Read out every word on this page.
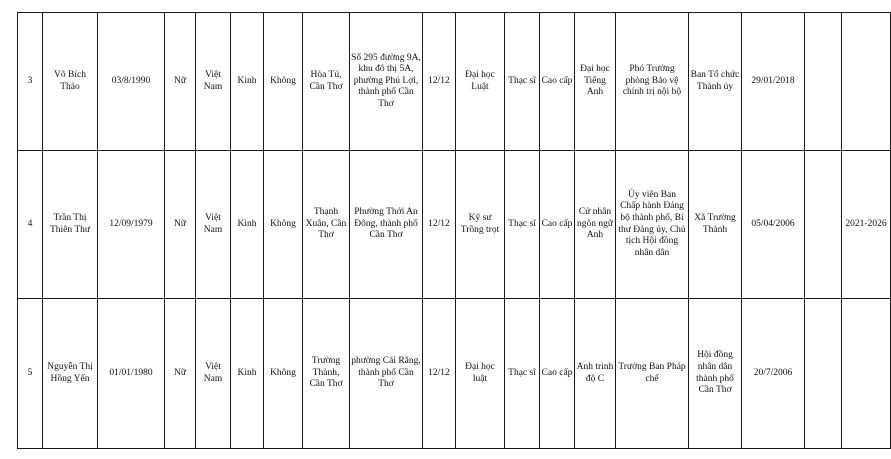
3	Võ Bích Thảo	03/8/1990	Nữ	Việt Nam	Kinh	Không	Hòa Tú, Cần Thơ	Số 295 đường 9A, khu đô thị 5A, phường Phú Lợi, thành phố Cần Thơ	12/12	Đại học Luật	Thạc sĩ	Cao cấp	Đại học Tiếng Anh	Phó Trưởng phòng Bảo vệ chính trị nội bộ	Ban Tổ chức Thành ủy	29/01/2018		
4	Trần Thị Thiên Thư	12/09/1979	Nữ	Việt Nam	Kinh	Không	Thạnh Xuân, Cần Thơ	Phường Thới An Đông, thành phố Cần Thơ	12/12	Kỹ sư Trồng trọt	Thạc sĩ	Cao cấp	Cử nhân ngôn ngữ Anh	Ủy viên Ban Chấp hành Đảng bộ thành phố, Bí thư Đảng ủy, Chủ tịch Hội đồng nhân dân	Xã Trường Thành	05/04/2006		2021-2026
5	Nguyễn Thị Hồng Yến	01/01/1980	Nữ	Việt Nam	Kinh	Không	Trường Thành, Cần Thơ	phường Cái Răng, thành phố Cần Thơ	12/12	Đại học luật	Thạc sĩ	Cao cấp	Anh trình độ C	Trưởng Ban Pháp chế	Hội đồng nhân dân thành phố Cần Thơ	20/7/2006		
